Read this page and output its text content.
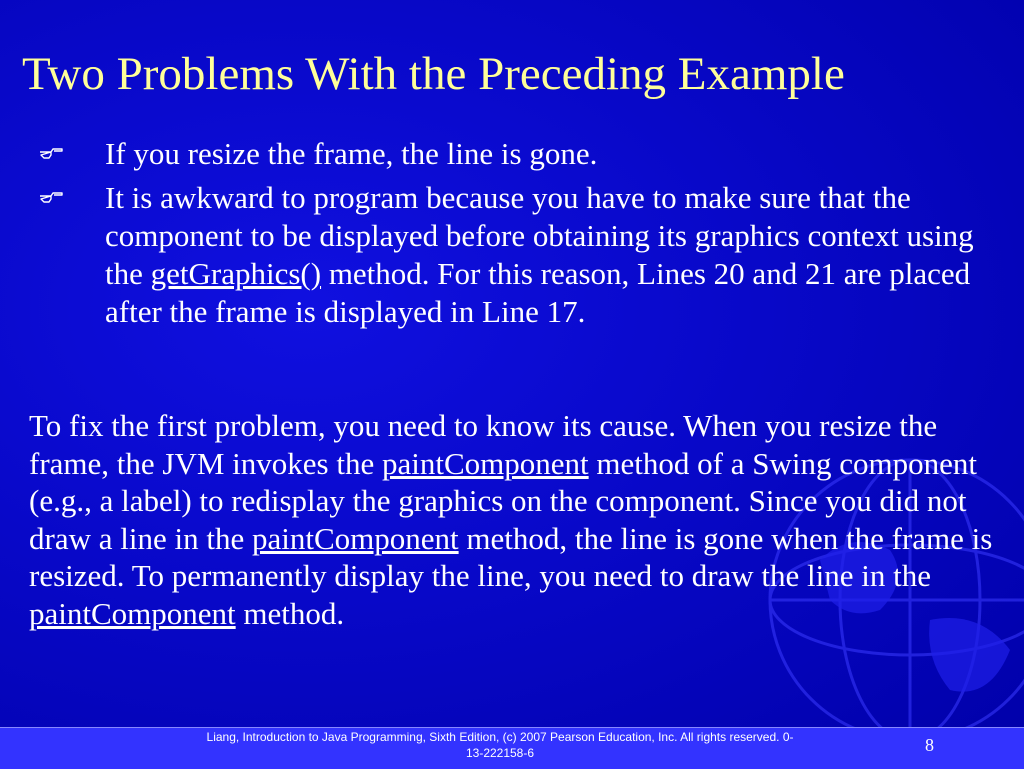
Two Problems With the Preceding Example
If you resize the frame, the line is gone.
It is awkward to program because you have to make sure that the component to be displayed before obtaining its graphics context using the getGraphics() method. For this reason, Lines 20 and 21 are placed after the frame is displayed in Line 17.
To fix the first problem, you need to know its cause. When you resize the frame, the JVM invokes the paintComponent method of a Swing component (e.g., a label) to redisplay the graphics on the component. Since you did not draw a line in the paintComponent method, the line is gone when the frame is resized. To permanently display the line, you need to draw the line in the paintComponent method.
Liang, Introduction to Java Programming, Sixth Edition, (c) 2007 Pearson Education, Inc. All rights reserved. 0-13-222158-6	8
